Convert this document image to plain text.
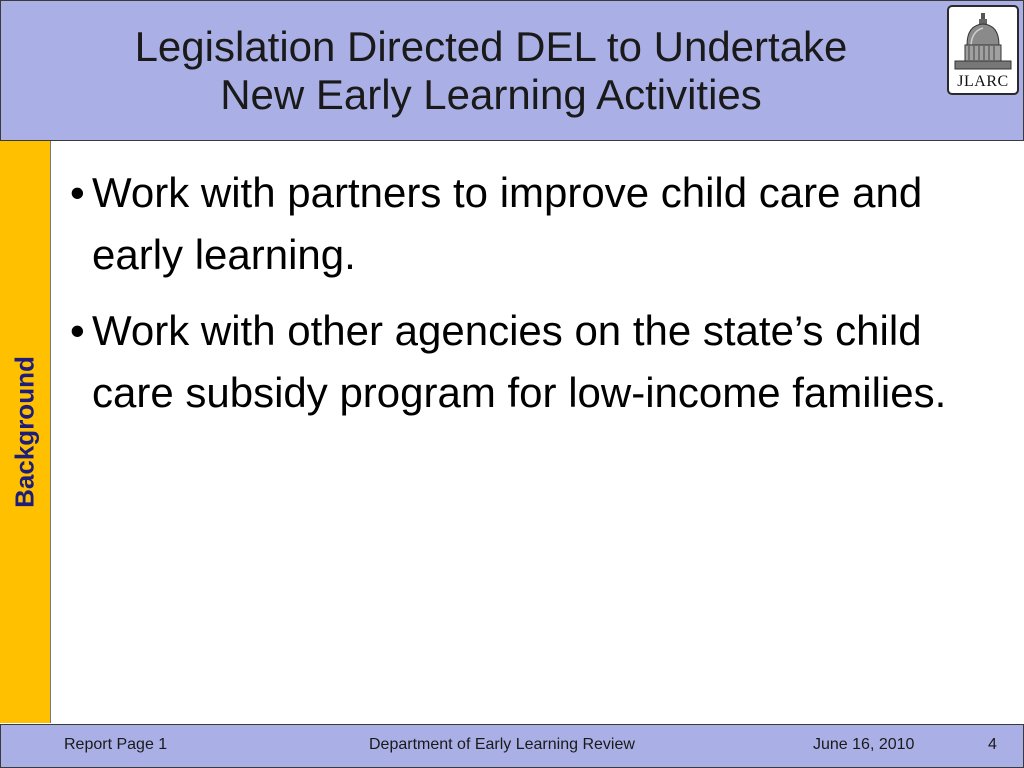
Legislation Directed DEL to Undertake
New Early Learning Activities	JLARC
Background
• Work with partners to improve child care and early learning.
• Work with other agencies on the state’s child care subsidy program for low-income families.
Report Page 1	Department of Early Learning Review	June 16, 2010	4
